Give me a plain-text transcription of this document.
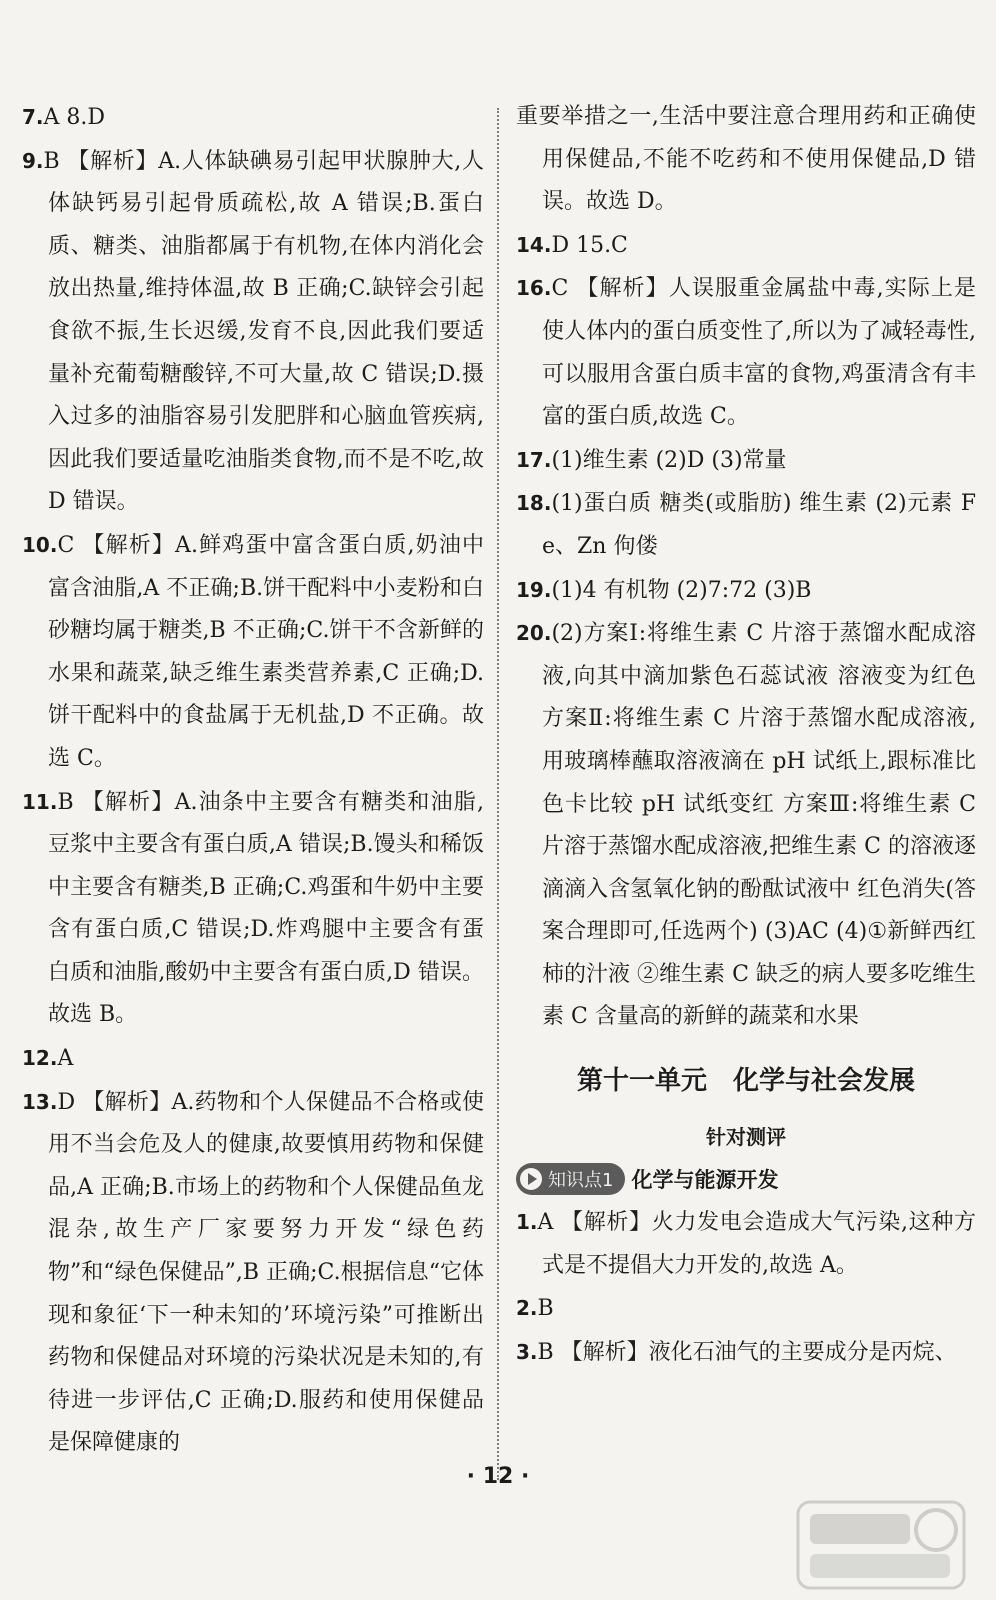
7.A 8.D

9.B 【解析】A.人体缺碘易引起甲状腺肿大,人体缺钙易引起骨质疏松,故 A 错误;B.蛋白质、糖类、油脂都属于有机物,在体内消化会放出热量,维持体温,故 B 正确;C.缺锌会引起食欲不振,生长迟缓,发育不良,因此我们要适量补充葡萄糖酸锌,不可大量,故 C 错误;D.摄入过多的油脂容易引发肥胖和心脑血管疾病,因此我们要适量吃油脂类食物,而不是不吃,故 D 错误。

10.C 【解析】A.鲜鸡蛋中富含蛋白质,奶油中富含油脂,A 不正确;B.饼干配料中小麦粉和白砂糖均属于糖类,B 不正确;C.饼干不含新鲜的水果和蔬菜,缺乏维生素类营养素,C 正确;D.饼干配料中的食盐属于无机盐,D 不正确。故选 C。

11.B 【解析】A.油条中主要含有糖类和油脂,豆浆中主要含有蛋白质,A 错误;B.馒头和稀饭中主要含有糖类,B 正确;C.鸡蛋和牛奶中主要含有蛋白质,C 错误;D.炸鸡腿中主要含有蛋白质和油脂,酸奶中主要含有蛋白质,D 错误。故选 B。

12.A

13.D 【解析】A.药物和个人保健品不合格或使用不当会危及人的健康,故要慎用药物和保健品,A 正确;B.市场上的药物和个人保健品鱼龙混杂,故生产厂家要努力开发“绿色药物”和“绿色保健品”,B 正确;C.根据信息“它体现和象征‘下一种未知的’环境污染”可推断出药物和保健品对环境的污染状况是未知的,有待进一步评估,C 正确;D.服药和使用保健品是保障健康的

重要举措之一,生活中要注意合理用药和正确使用保健品,不能不吃药和不使用保健品,D 错误。故选 D。

14.D 15.C

16.C 【解析】人误服重金属盐中毒,实际上是使人体内的蛋白质变性了,所以为了减轻毒性,可以服用含蛋白质丰富的食物,鸡蛋清含有丰富的蛋白质,故选 C。

17.(1)维生素 (2)D (3)常量

18.(1)蛋白质 糖类(或脂肪) 维生素 (2)元素 Fe、Zn 佝偻

19.(1)4 有机物 (2)7:72 (3)B

20.(2)方案Ⅰ:将维生素 C 片溶于蒸馏水配成溶液,向其中滴加紫色石蕊试液 溶液变为红色 方案Ⅱ:将维生素 C 片溶于蒸馏水配成溶液,用玻璃棒蘸取溶液滴在 pH 试纸上,跟标准比色卡比较 pH 试纸变红 方案Ⅲ:将维生素 C 片溶于蒸馏水配成溶液,把维生素 C 的溶液逐滴滴入含氢氧化钠的酚酞试液中 红色消失(答案合理即可,任选两个) (3)AC (4)①新鲜西红柿的汁液 ②维生素 C 缺乏的病人要多吃维生素 C 含量高的新鲜的蔬菜和水果

第十一单元　化学与社会发展
针对测评
知识点1 化学与能源开发

1.A 【解析】火力发电会造成大气污染,这种方式是不提倡大力开发的,故选 A。

2.B

3.B 【解析】液化石油气的主要成分是丙烷、

· 12 ·
